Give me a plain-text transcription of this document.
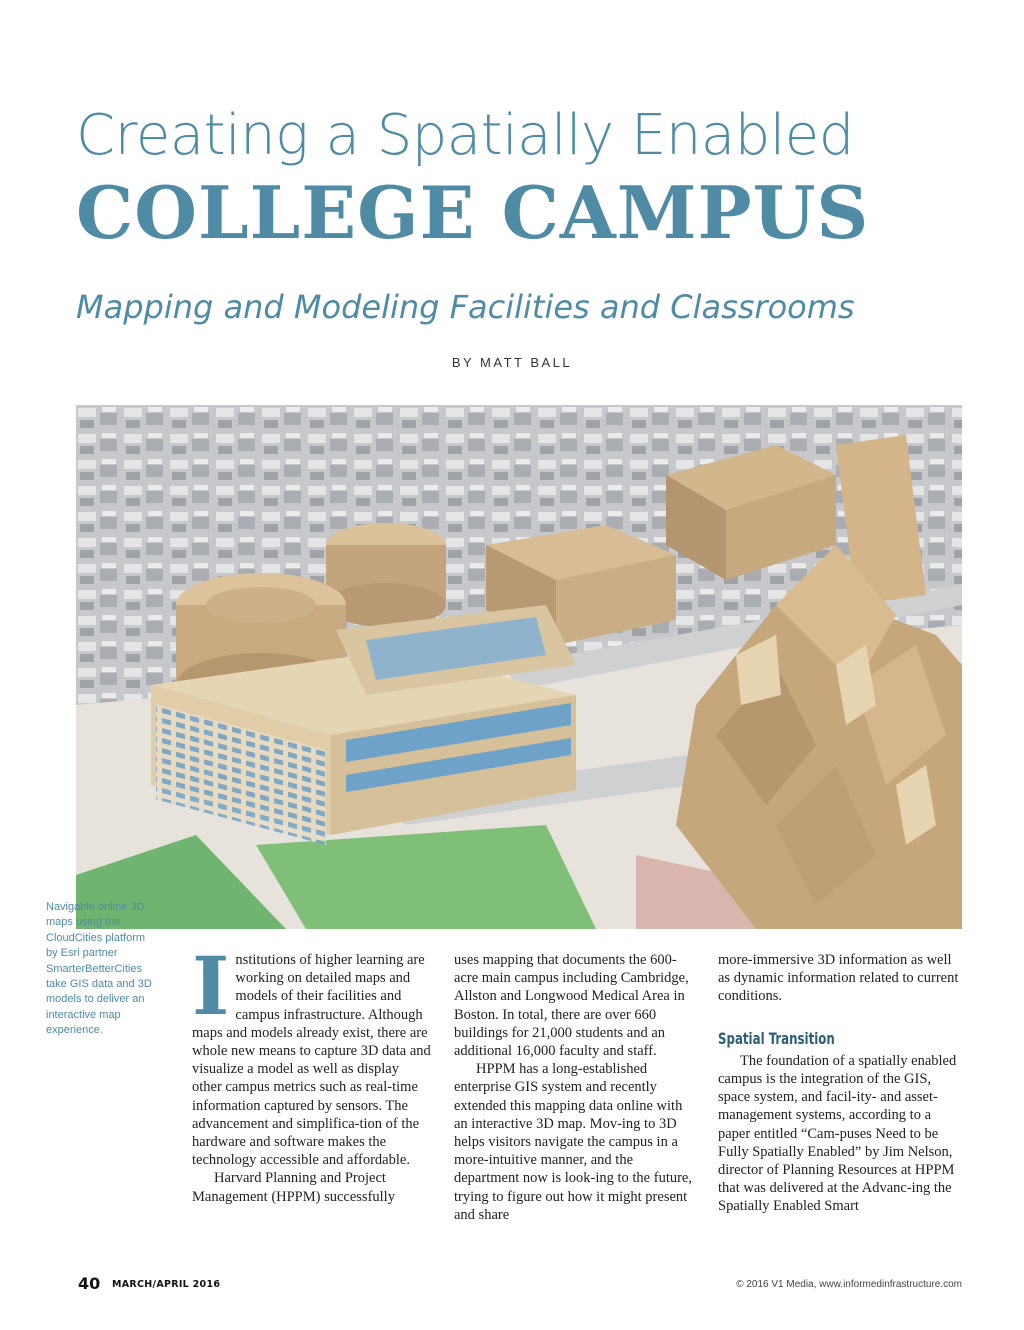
Creating a Spatially Enabled
COLLEGE CAMPUS
Mapping and Modeling Facilities and Classrooms
BY MATT BALL
Navigable online 3D maps using the CloudCities platform by Esri partner SmarterBetterCities take GIS data and 3D models to deliver an interactive map experience.	I nstitutions of higher learning are working on detailed maps and models of their facilities and campus infrastructure. Although maps and models already exist, there are whole new means to capture 3D data and visualize a model as well as display other campus metrics such as real-time information captured by sensors. The advancement and simplifica-tion of the hardware and software makes the technology accessible and affordable.

Harvard Planning and Project Management (HPPM) successfully

uses mapping that documents the 600-acre main campus including Cambridge, Allston and Longwood Medical Area in Boston. In total, there are over 660 buildings for 21,000 students and an additional 16,000 faculty and staff.

HPPM has a long-established enterprise GIS system and recently extended this mapping data online with an interactive 3D map. Mov-ing to 3D helps visitors navigate the campus in a more-intuitive manner, and the department now is look-ing to the future, trying to figure out how it might present and share

more-immersive 3D information as well as dynamic information related to current conditions.

Spatial Transition

The foundation of a spatially enabled campus is the integration of the GIS, space system, and facil-ity- and asset-management systems, according to a paper entitled “Cam-puses Need to be Fully Spatially Enabled” by Jim Nelson, director of Planning Resources at HPPM that was delivered at the Advanc-ing the Spatially Enabled Smart

40 MARCH/APRIL 2016	© 2016 V1 Media, www.informedinfrastructure.com
